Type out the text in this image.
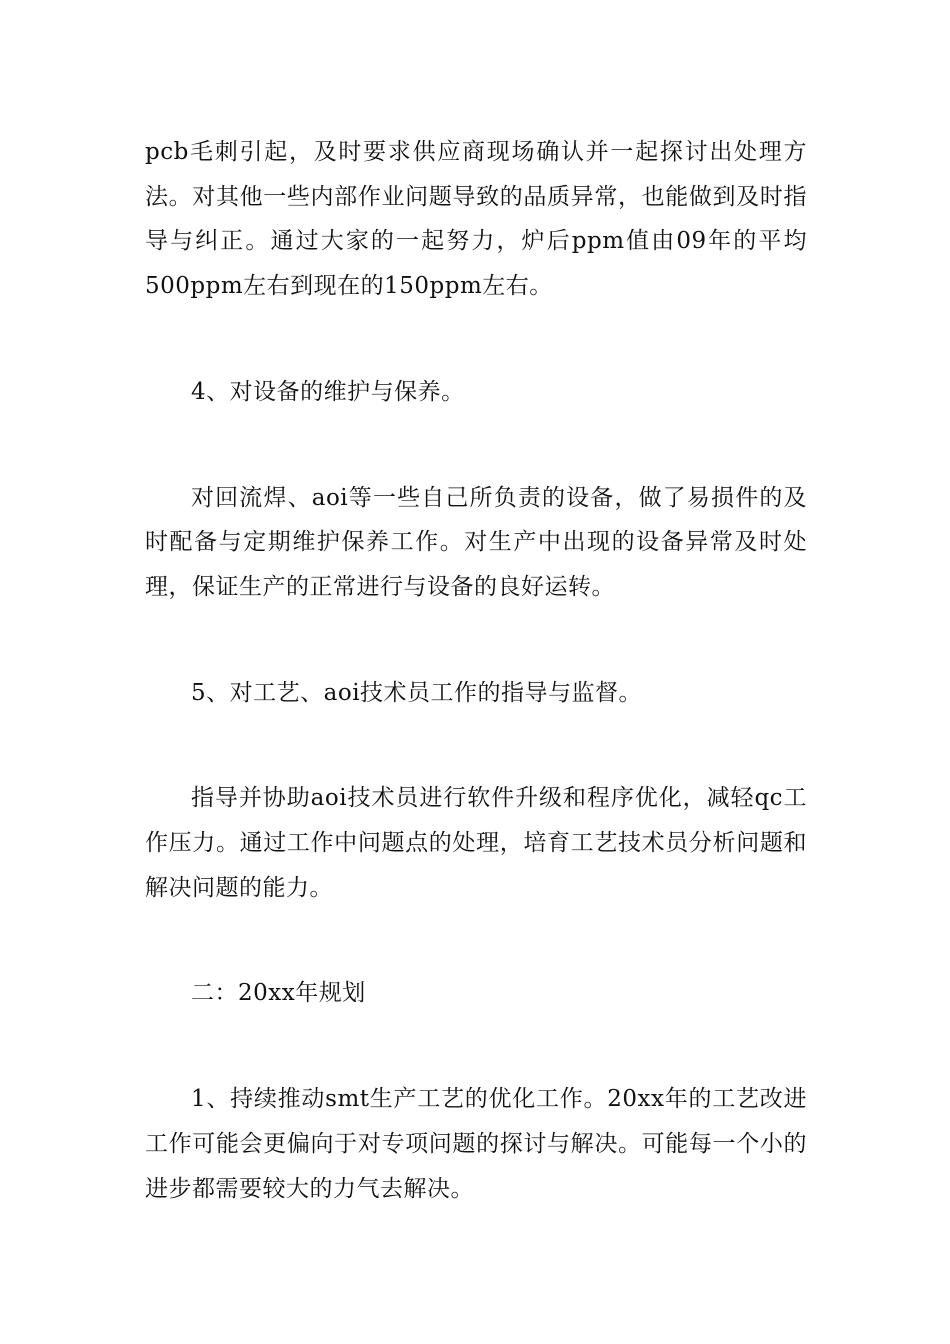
pcb毛刺引起，及时要求供应商现场确认并一起探讨出处理方法。对其他一些内部作业问题导致的品质异常，也能做到及时指导与纠正。通过大家的一起努力，炉后ppm值由09年的平均500ppm左右到现在的150ppm左右。

4、对设备的维护与保养。

对回流焊、aoi等一些自己所负责的设备，做了易损件的及时配备与定期维护保养工作。对生产中出现的设备异常及时处理，保证生产的正常进行与设备的良好运转。

5、对工艺、aoi技术员工作的指导与监督。

指导并协助aoi技术员进行软件升级和程序优化，减轻qc工作压力。通过工作中问题点的处理，培育工艺技术员分析问题和解决问题的能力。

二：20xx年规划

1、持续推动smt生产工艺的优化工作。20xx年的工艺改进工作可能会更偏向于对专项问题的探讨与解决。可能每一个小的进步都需要较大的力气去解决。
